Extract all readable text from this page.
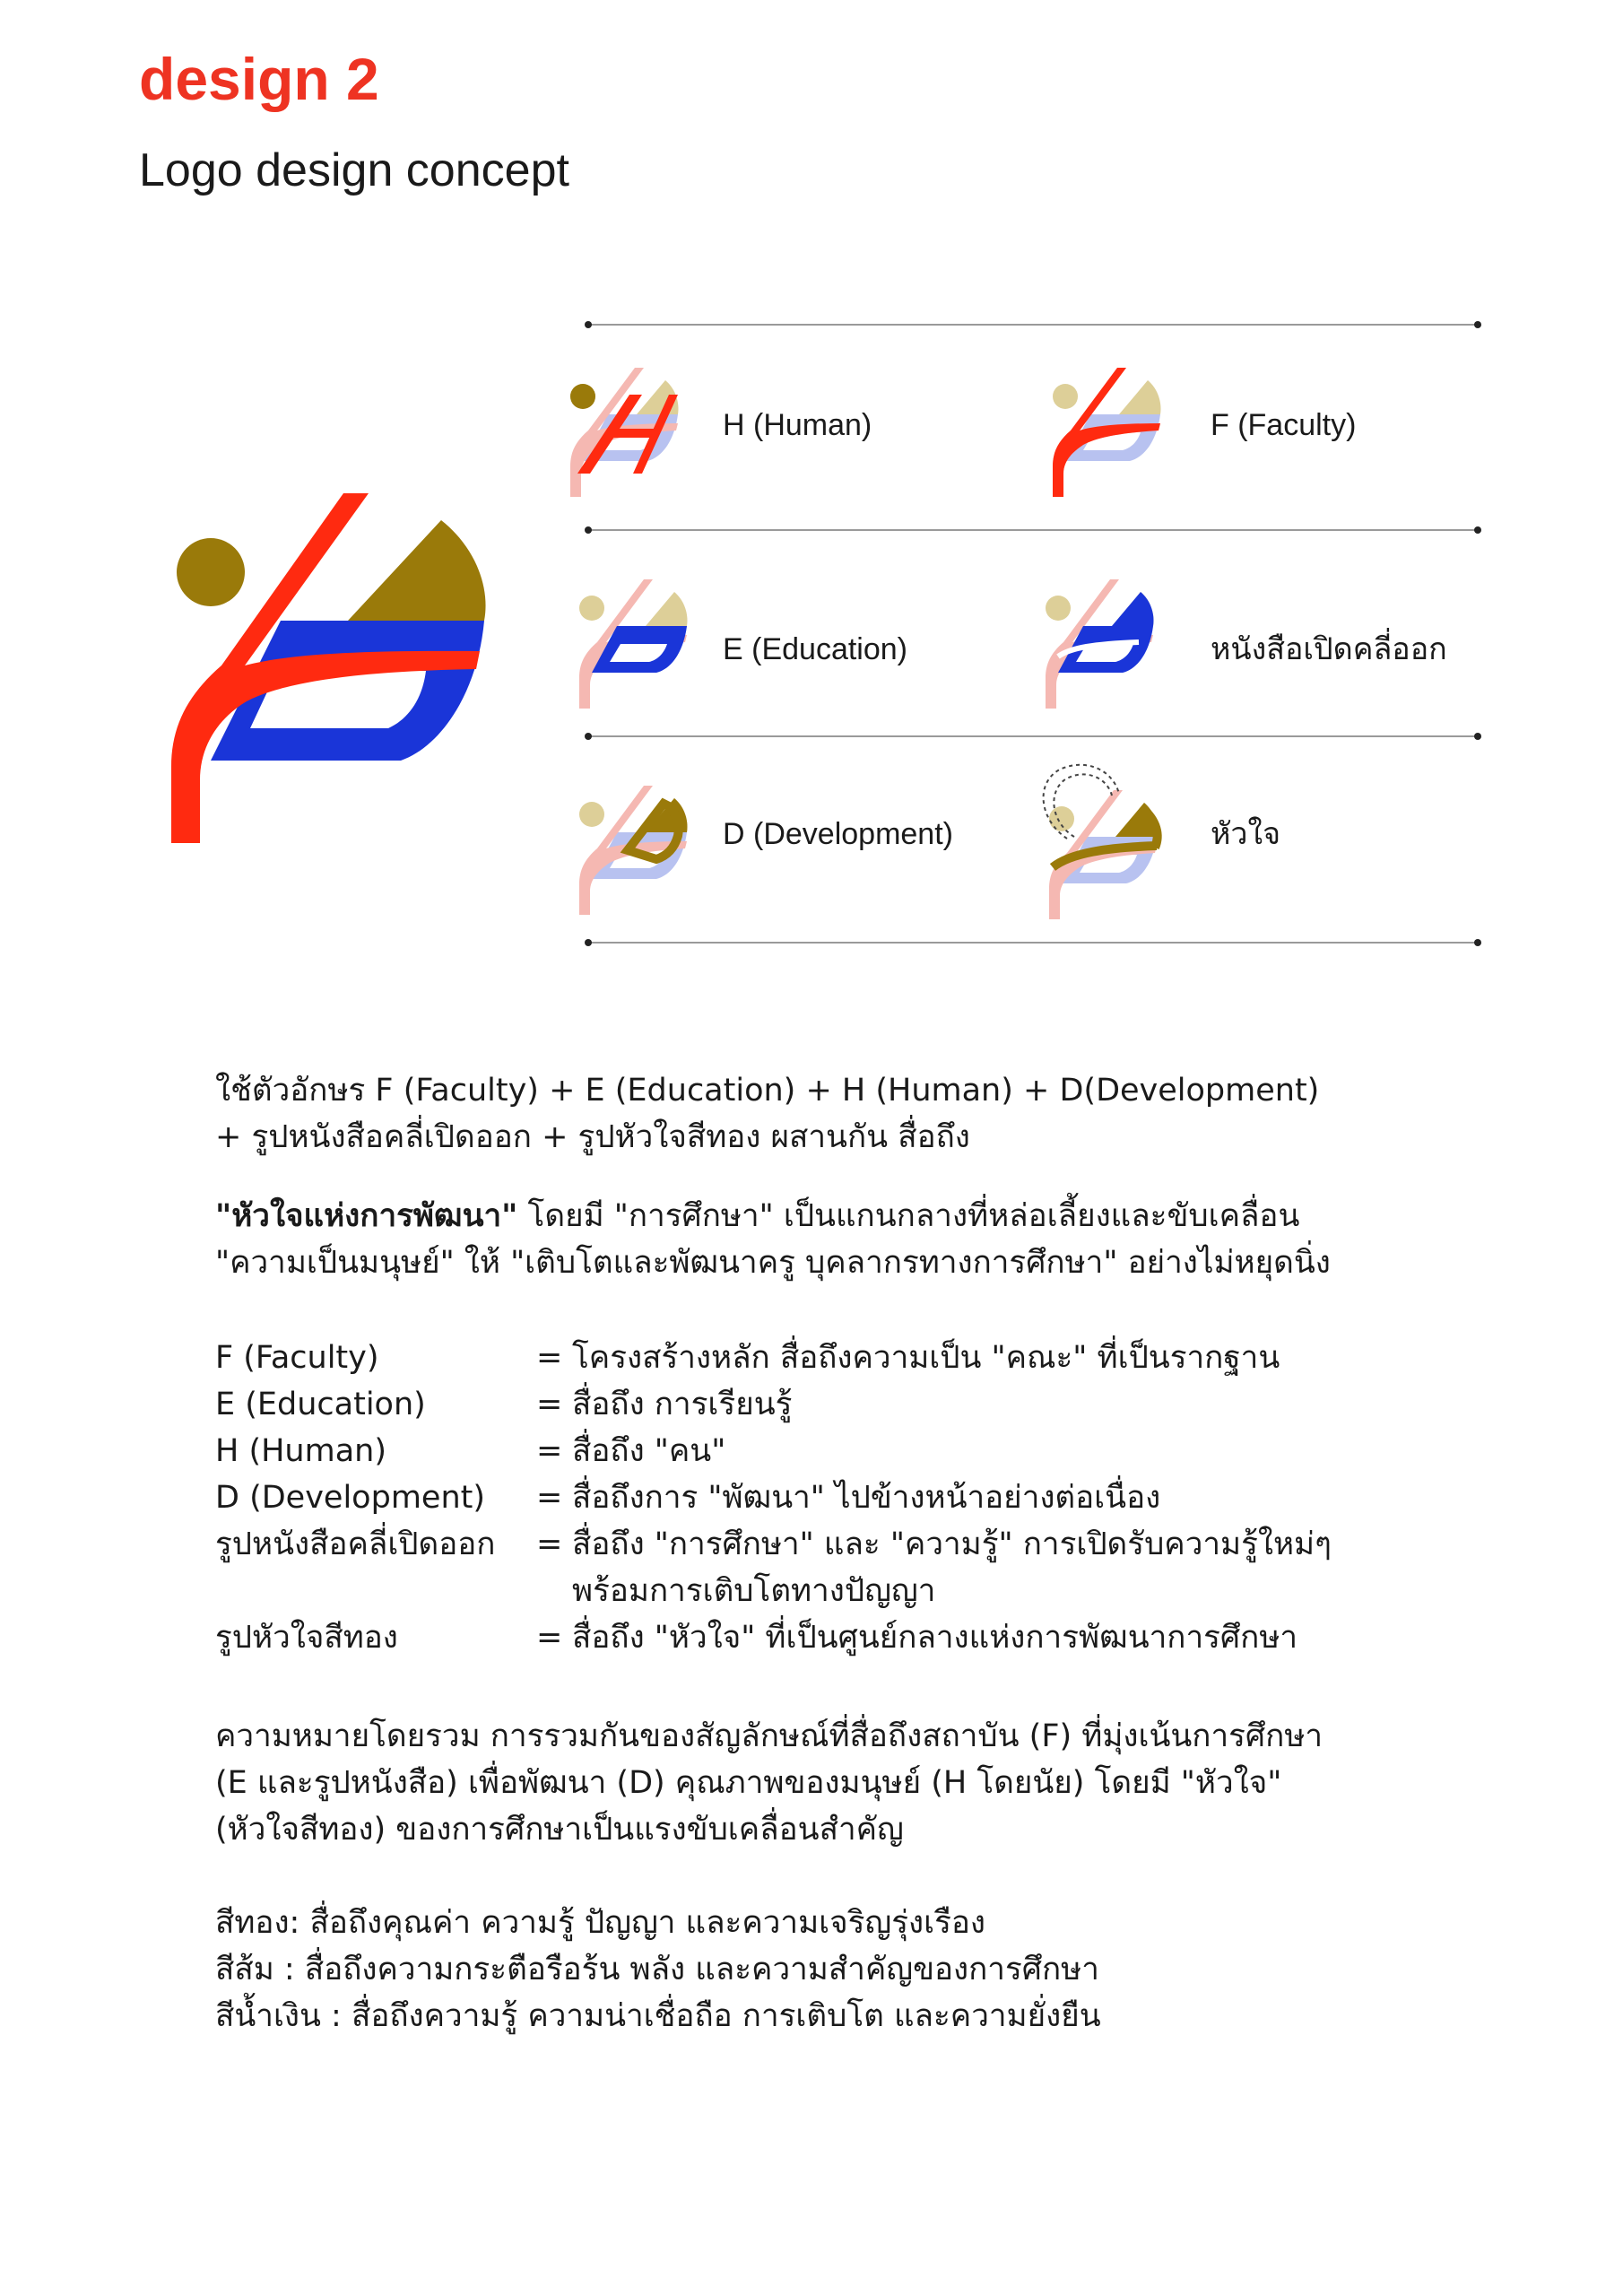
design 2
Logo design concept
H (Human)	F (Faculty)
E (Education)	หนังสือเปิดคลี่ออก
D (Development)	หัวใจ
ใช้ตัวอักษร F (Faculty) + E (Education) + H (Human) + D(Development)
+ รูปหนังสือคลี่เปิดออก + รูปหัวใจสีทอง ผสานกัน สื่อถึง
"หัวใจแห่งการพัฒนา" โดยมี "การศึกษา" เป็นแกนกลางที่หล่อเลี้ยงและขับเคลื่อน
"ความเป็นมนุษย์" ให้ "เติบโตและพัฒนาครู บุคลากรทางการศึกษา" อย่างไม่หยุดนิ่ง
F (Faculty)	= โครงสร้างหลัก สื่อถึงความเป็น "คณะ" ที่เป็นรากฐาน
E (Education)	= สื่อถึง การเรียนรู้
H (Human)	= สื่อถึง "คน"
D (Development)	= สื่อถึงการ "พัฒนา" ไปข้างหน้าอย่างต่อเนื่อง
รูปหนังสือคลี่เปิดออก	= สื่อถึง "การศึกษา" และ "ความรู้" การเปิดรับความรู้ใหม่ๆ
พร้อมการเติบโตทางปัญญา
รูปหัวใจสีทอง	= สื่อถึง "หัวใจ" ที่เป็นศูนย์กลางแห่งการพัฒนาการศึกษา
ความหมายโดยรวม การรวมกันของสัญลักษณ์ที่สื่อถึงสถาบัน (F) ที่มุ่งเน้นการศึกษา
(E และรูปหนังสือ) เพื่อพัฒนา (D) คุณภาพของมนุษย์ (H โดยนัย) โดยมี "หัวใจ"
(หัวใจสีทอง) ของการศึกษาเป็นแรงขับเคลื่อนสำคัญ
สีทอง: สื่อถึงคุณค่า ความรู้ ปัญญา และความเจริญรุ่งเรือง
สีส้ม : สื่อถึงความกระตือรือร้น พลัง และความสำคัญของการศึกษา
สีน้ำเงิน : สื่อถึงความรู้ ความน่าเชื่อถือ การเติบโต และความยั่งยืน
